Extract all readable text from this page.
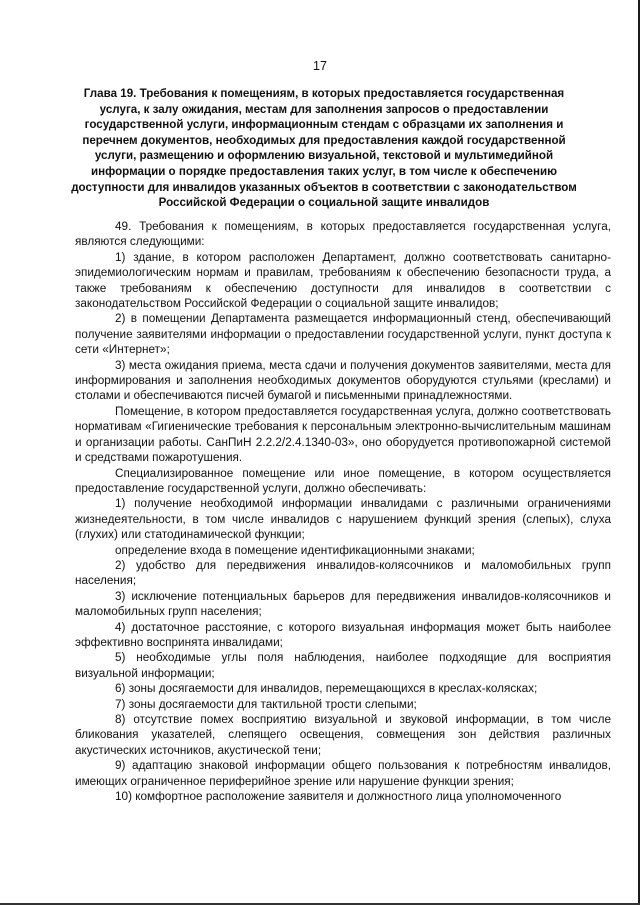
17
Глава 19. Требования к помещениям, в которых предоставляется государственная услуга, к залу ожидания, местам для заполнения запросов о предоставлении государственной услуги, информационным стендам с образцами их заполнения и перечнем документов, необходимых для предоставления каждой государственной услуги, размещению и оформлению визуальной, текстовой и мультимедийной информации о порядке предоставления таких услуг, в том числе к обеспечению доступности для инвалидов указанных объектов в соответствии с законодательством Российской Федерации о социальной защите инвалидов

49. Требования к помещениям, в которых предоставляется государственная услуга, являются следующими:

1) здание, в котором расположен Департамент, должно соответствовать санитарно-эпидемиологическим нормам и правилам, требованиям к обеспечению безопасности труда, а также требованиям к обеспечению доступности для инвалидов в соответствии с законодательством Российской Федерации о социальной защите инвалидов;

2) в помещении Департамента размещается информационный стенд, обеспечивающий получение заявителями информации о предоставлении государственной услуги, пункт доступа к сети «Интернет»;

3) места ожидания приема, места сдачи и получения документов заявителями, места для информирования и заполнения необходимых документов оборудуются стульями (креслами) и столами и обеспечиваются писчей бумагой и письменными принадлежностями.

Помещение, в котором предоставляется государственная услуга, должно соответствовать нормативам «Гигиенические требования к персональным электронно-вычислительным машинам и организации работы. СанПиН 2.2.2/2.4.1340-03», оно оборудуется противопожарной системой и средствами пожаротушения.

Специализированное помещение или иное помещение, в котором осуществляется предоставление государственной услуги, должно обеспечивать:

1) получение необходимой информации инвалидами с различными ограничениями жизнедеятельности, в том числе инвалидов с нарушением функций зрения (слепых), слуха (глухих) или статодинамической функции;

определение входа в помещение идентификационными знаками;

2) удобство для передвижения инвалидов-колясочников и маломобильных групп населения;

3) исключение потенциальных барьеров для передвижения инвалидов-колясочников и маломобильных групп населения;

4) достаточное расстояние, с которого визуальная информация может быть наиболее эффективно воспринята инвалидами;

5) необходимые углы поля наблюдения, наиболее подходящие для восприятия визуальной информации;

6) зоны досягаемости для инвалидов, перемещающихся в креслах-колясках;

7) зоны досягаемости для тактильной трости слепыми;

8) отсутствие помех восприятию визуальной и звуковой информации, в том числе бликования указателей, слепящего освещения, совмещения зон действия различных акустических источников, акустической тени;

9) адаптацию знаковой информации общего пользования к потребностям инвалидов, имеющих ограниченное периферийное зрение или нарушение функции зрения;

10) комфортное расположение заявителя и должностного лица уполномоченного
